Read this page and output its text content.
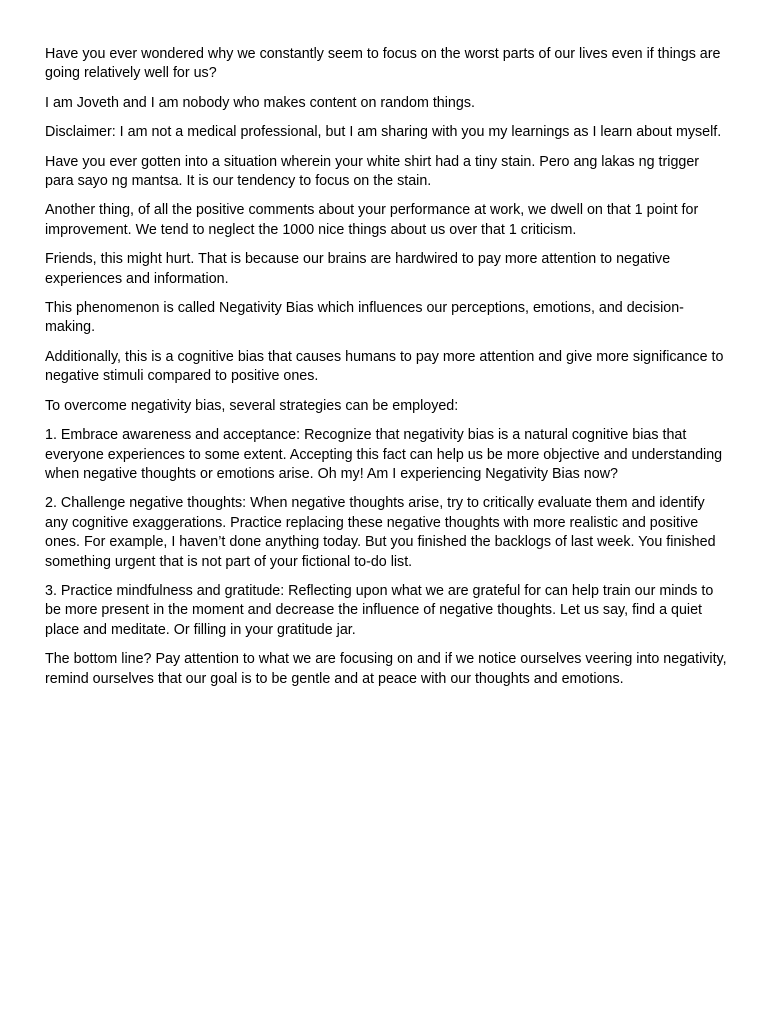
Have you ever wondered why we constantly seem to focus on the worst parts of our lives even if things are going relatively well for us?

I am Joveth and I am nobody who makes content on random things.

Disclaimer: I am not a medical professional, but I am sharing with you my learnings as I learn about myself.

Have you ever gotten into a situation wherein your white shirt had a tiny stain. Pero ang lakas ng trigger para sayo ng mantsa. It is our tendency to focus on the stain.

Another thing, of all the positive comments about your performance at work, we dwell on that 1 point for improvement. We tend to neglect the 1000 nice things about us over that 1 criticism.

Friends, this might hurt. That is because our brains are hardwired to pay more attention to negative experiences and information.

This phenomenon is called Negativity Bias which influences our perceptions, emotions, and decision-making.

Additionally, this is a cognitive bias that causes humans to pay more attention and give more significance to negative stimuli compared to positive ones.

To overcome negativity bias, several strategies can be employed:

1. Embrace awareness and acceptance: Recognize that negativity bias is a natural cognitive bias that everyone experiences to some extent. Accepting this fact can help us be more objective and understanding when negative thoughts or emotions arise. Oh my! Am I experiencing Negativity Bias now?

2. Challenge negative thoughts: When negative thoughts arise, try to critically evaluate them and identify any cognitive exaggerations. Practice replacing these negative thoughts with more realistic and positive ones. For example, I haven’t done anything today. But you finished the backlogs of last week. You finished something urgent that is not part of your fictional to-do list.

3. Practice mindfulness and gratitude: Reflecting upon what we are grateful for can help train our minds to be more present in the moment and decrease the influence of negative thoughts. Let us say, find a quiet place and meditate. Or filling in your gratitude jar.

The bottom line? Pay attention to what we are focusing on and if we notice ourselves veering into negativity, remind ourselves that our goal is to be gentle and at peace with our thoughts and emotions.
